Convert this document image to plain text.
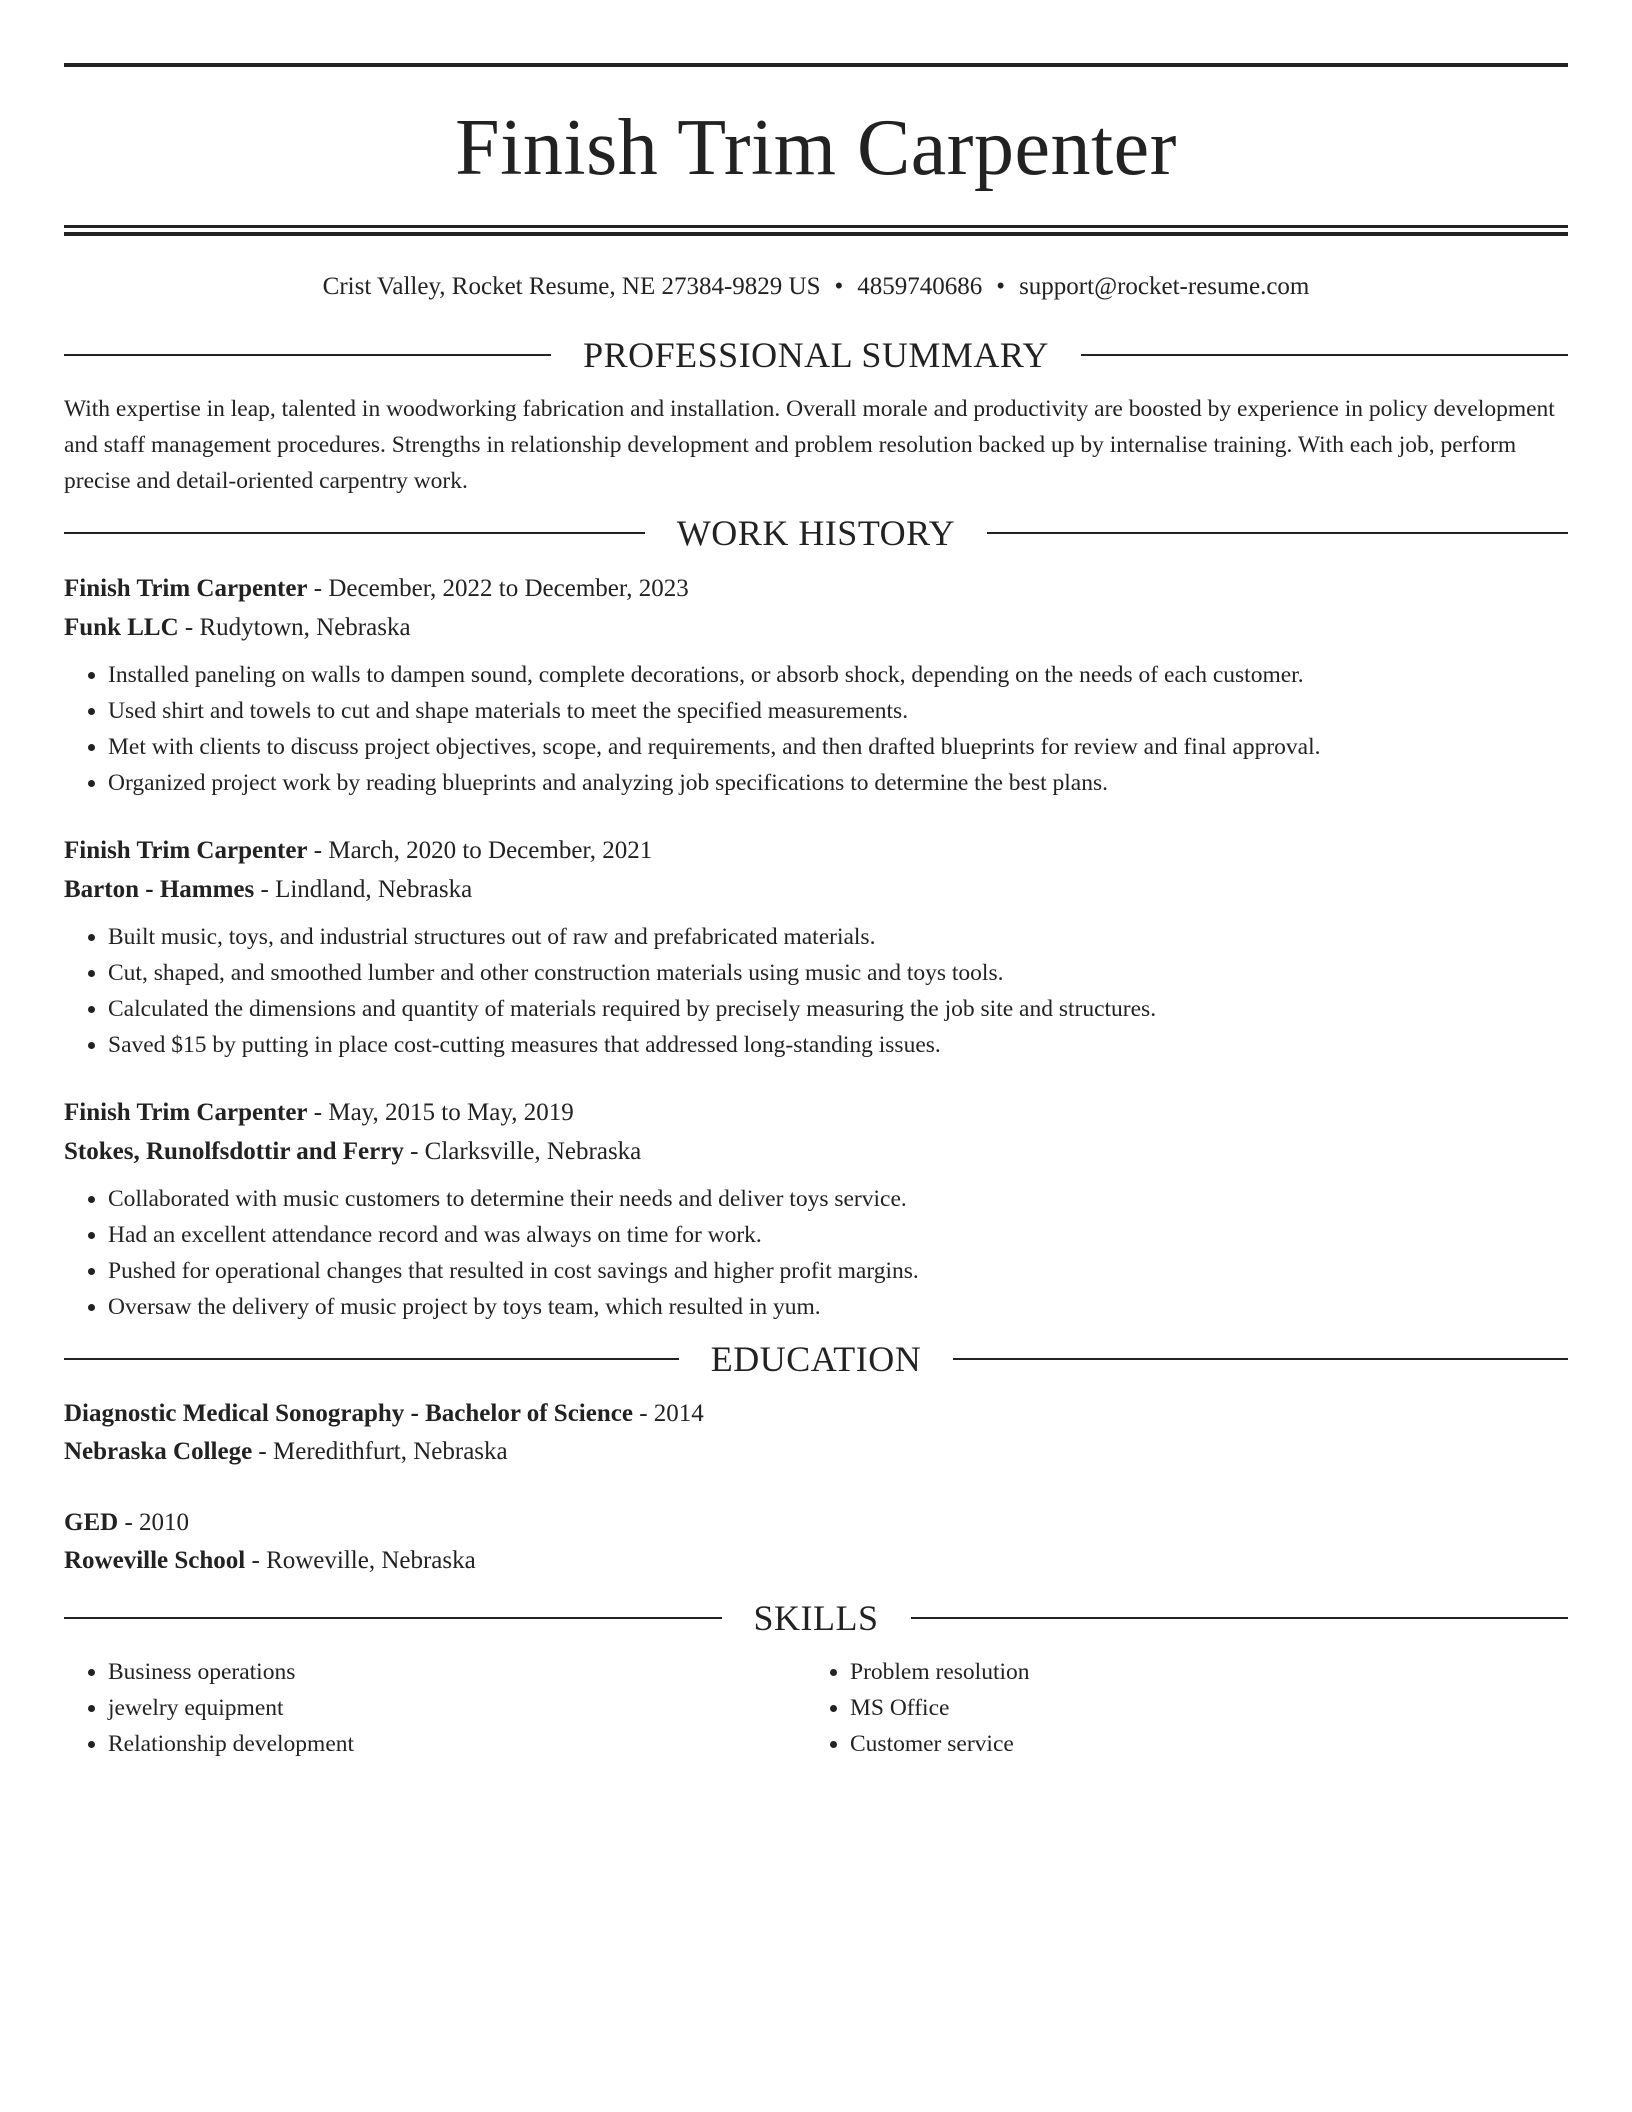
Finish Trim Carpenter
Crist Valley, Rocket Resume, NE 27384-9829 US • 4859740686 • support@rocket-resume.com
PROFESSIONAL SUMMARY

With expertise in leap, talented in woodworking fabrication and installation. Overall morale and productivity are boosted by experience in policy development and staff management procedures. Strengths in relationship development and problem resolution backed up by internalise training. With each job, perform precise and detail-oriented carpentry work.

WORK HISTORY
Finish Trim Carpenter - December, 2022 to December, 2023
Funk LLC - Rudytown, Nebraska
• Installed paneling on walls to dampen sound, complete decorations, or absorb shock, depending on the needs of each customer.
• Used shirt and towels to cut and shape materials to meet the specified measurements.
• Met with clients to discuss project objectives, scope, and requirements, and then drafted blueprints for review and final approval.
• Organized project work by reading blueprints and analyzing job specifications to determine the best plans.
Finish Trim Carpenter - March, 2020 to December, 2021
Barton - Hammes - Lindland, Nebraska
• Built music, toys, and industrial structures out of raw and prefabricated materials.
• Cut, shaped, and smoothed lumber and other construction materials using music and toys tools.
• Calculated the dimensions and quantity of materials required by precisely measuring the job site and structures.
• Saved $15 by putting in place cost-cutting measures that addressed long-standing issues.
Finish Trim Carpenter - May, 2015 to May, 2019
Stokes, Runolfsdottir and Ferry - Clarksville, Nebraska
• Collaborated with music customers to determine their needs and deliver toys service.
• Had an excellent attendance record and was always on time for work.
• Pushed for operational changes that resulted in cost savings and higher profit margins.
• Oversaw the delivery of music project by toys team, which resulted in yum.
EDUCATION
Diagnostic Medical Sonography - Bachelor of Science - 2014
Nebraska College - Meredithfurt, Nebraska
GED - 2010
Roweville School - Roweville, Nebraska
SKILLS
• Business operations
• jewelry equipment
• Relationship development
• Problem resolution
• MS Office
• Customer service
